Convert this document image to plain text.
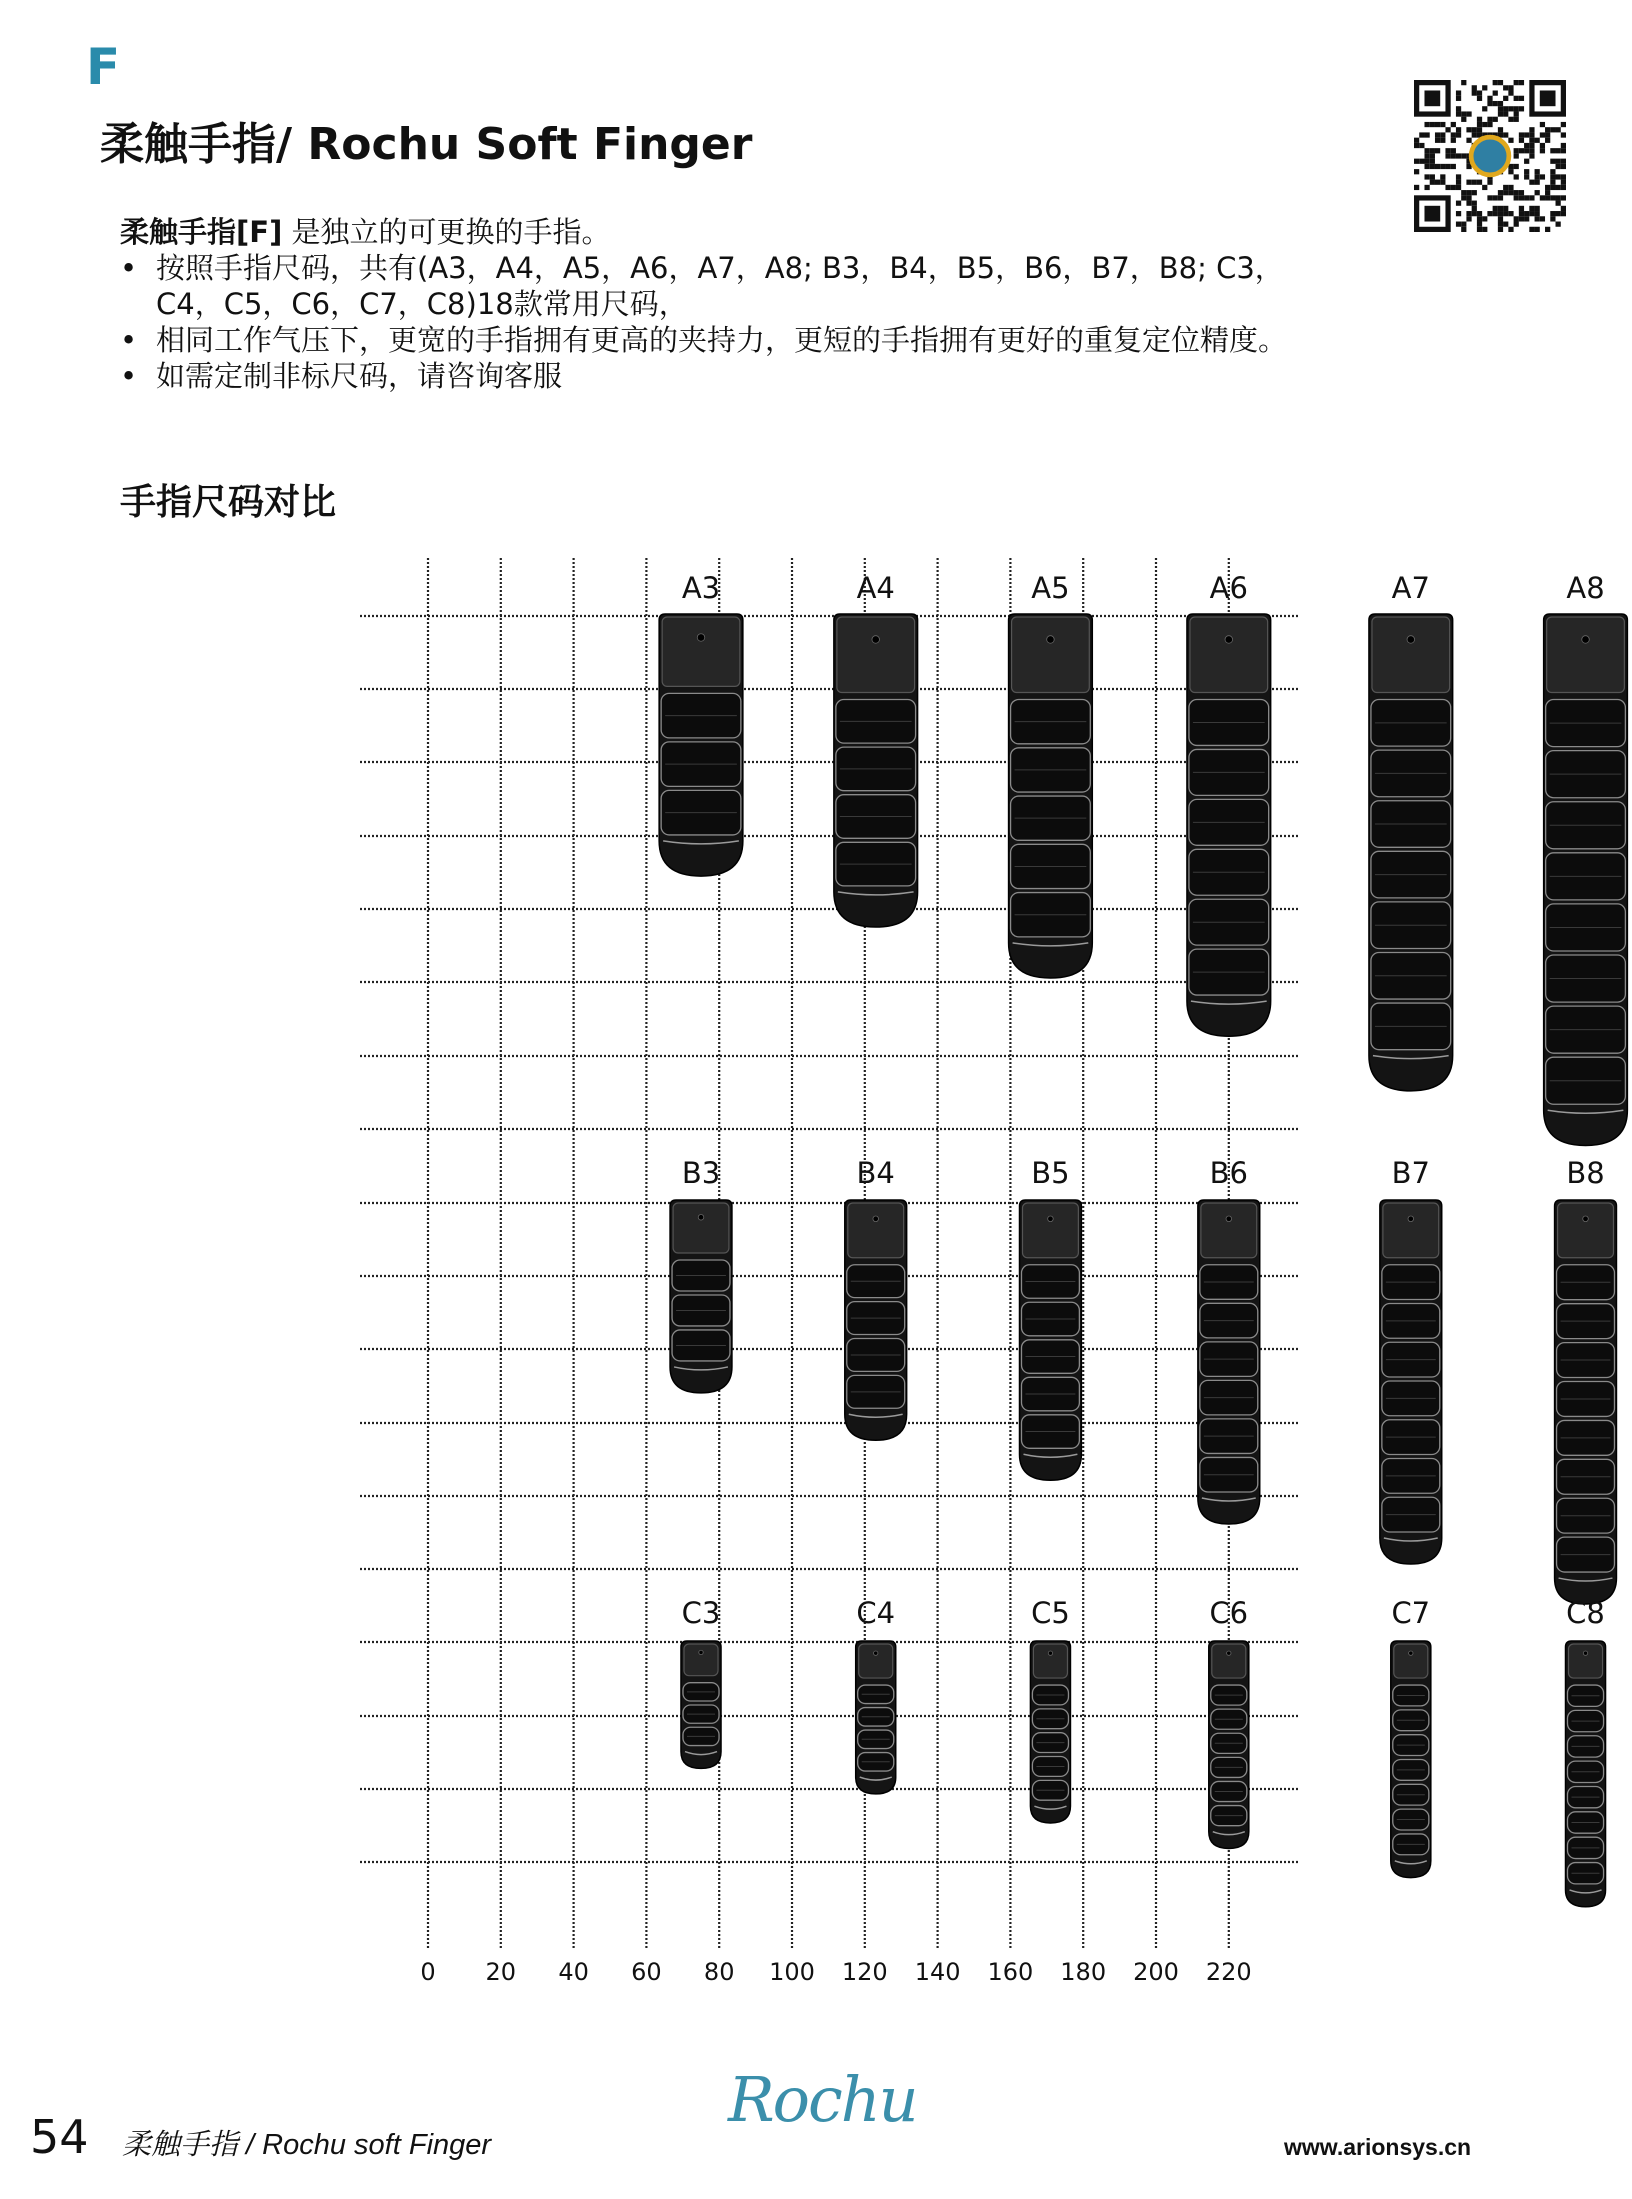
F
柔触手指/ Rochu Soft Finger
柔触手指[F] 是独立的可更换的手指。
• 按照手指尺码，共有(A3，A4，A5，A6，A7，A8; B3，B4，B5，B6，B7，B8; C3，C4，C5，C6，C7，C8)18款常用尺码，
• 相同工作气压下，更宽的手指拥有更高的夹持力，更短的手指拥有更好的重复定位精度。
• 如需定制非标尺码，请咨询客服
手指尺码对比
0 20 40 60 80 100 120 140 160 180 200 220
A3	A4	A5	A6	A7	A8
B3	B4	B5	B6	B7	B8
C3	C4	C5	C6	C7	C8
54 柔触手指 / Rochu soft Finger
Rochu
www.arionsys.cn
